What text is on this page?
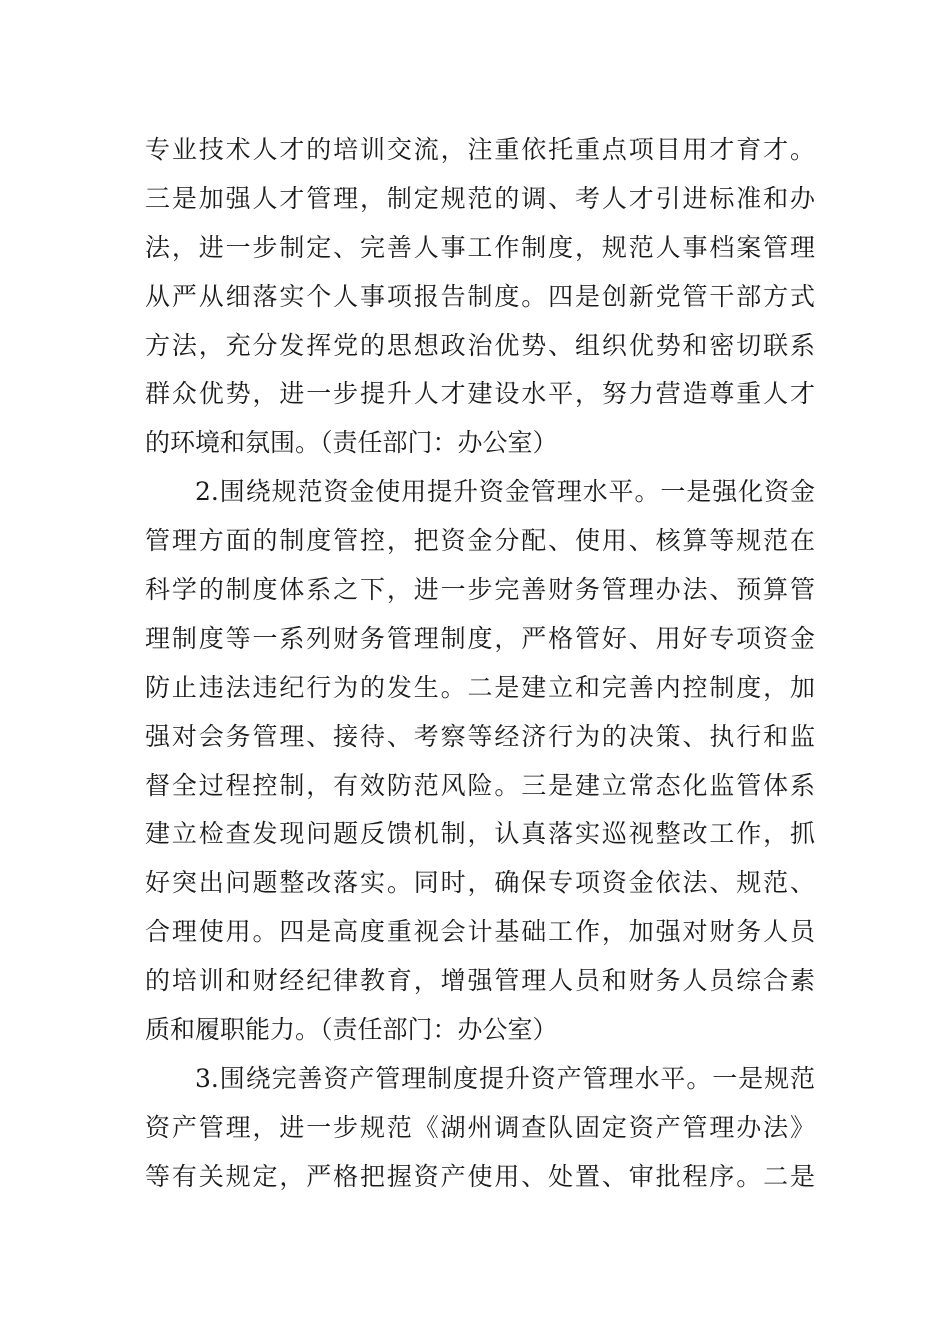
专业技术人才的培训交流，注重依托重点项目用才育才。
三是加强人才管理，制定规范的调、考人才引进标准和办
法，进一步制定、完善人事工作制度，规范人事档案管理
从严从细落实个人事项报告制度。四是创新党管干部方式
方法，充分发挥党的思想政治优势、组织优势和密切联系
群众优势，进一步提升人才建设水平，努力营造尊重人才
的环境和氛围。（责任部门：办公室）
2.围绕规范资金使用提升资金管理水平。一是强化资金
管理方面的制度管控，把资金分配、使用、核算等规范在
科学的制度体系之下，进一步完善财务管理办法、预算管
理制度等一系列财务管理制度，严格管好、用好专项资金
防止违法违纪行为的发生。二是建立和完善内控制度，加
强对会务管理、接待、考察等经济行为的决策、执行和监
督全过程控制，有效防范风险。三是建立常态化监管体系
建立检查发现问题反馈机制，认真落实巡视整改工作，抓
好突出问题整改落实。同时，确保专项资金依法、规范、
合理使用。四是高度重视会计基础工作，加强对财务人员
的培训和财经纪律教育，增强管理人员和财务人员综合素
质和履职能力。（责任部门：办公室）
3.围绕完善资产管理制度提升资产管理水平。一是规范
资产管理，进一步规范《湖州调查队固定资产管理办法》
等有关规定，严格把握资产使用、处置、审批程序。二是
